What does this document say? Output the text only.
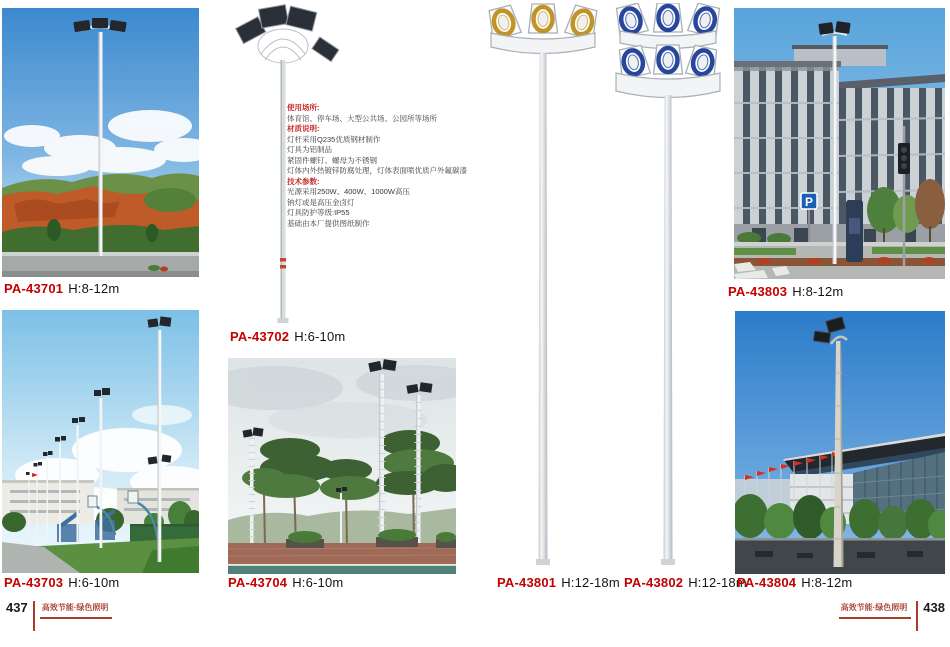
PA-43701 H:8-12m
使用场所:
体育馆、停车场、大型公共场、公园所等场所
材质说明:
灯杆采用Q235优质钢材制作
灯具为铝制品
紧固件螺钉、螺母为不锈钢
灯体内外热镀锌防腐处理，灯体表面喷优质户外氟碳漆
技术参数:
光源采用250W、400W、1000W高压
钠灯或是高压金卤灯
灯具防护等级:IP55
基础由本厂提供图纸制作
PA-43702 H:6-10m
PA-43703 H:6-10m	PA-43704 H:6-10m	PA-43801 H:12-18m PA-43802 H:12-18m
P
PA-43803 H:8-12m
PA-43804 H:8-12m
437 高效节能·绿色照明	高效节能·绿色照明	438
